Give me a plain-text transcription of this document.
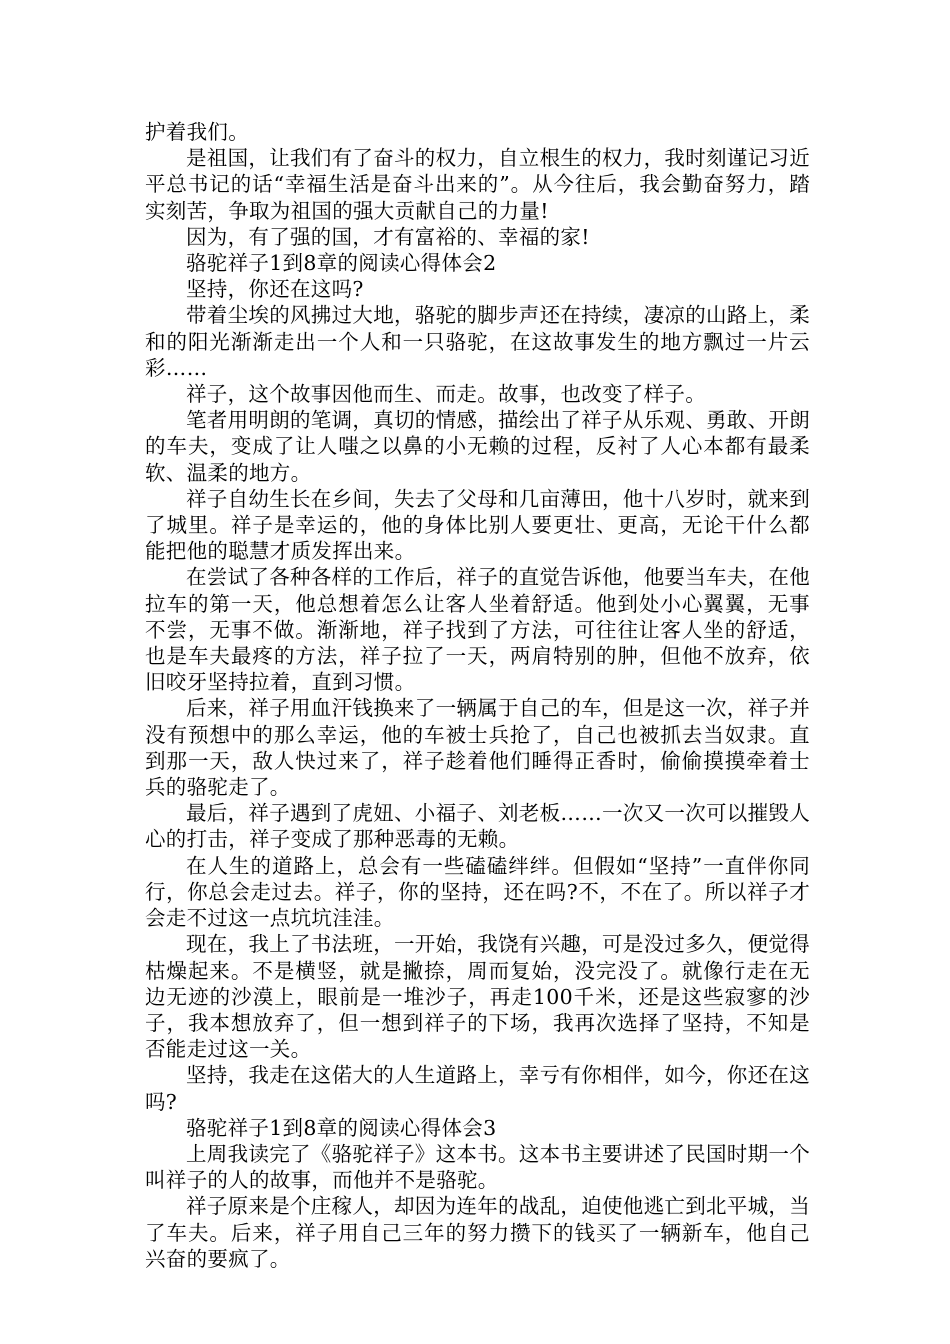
护着我们。

是祖国，让我们有了奋斗的权力，自立根生的权力，我时刻谨记习近平总书记的话“幸福生活是奋斗出来的”。从今往后，我会勤奋努力，踏实刻苦，争取为祖国的强大贡献自己的力量!

因为，有了强的国，才有富裕的、幸福的家!

骆驼祥子1到8章的阅读心得体会2

坚持，你还在这吗?

带着尘埃的风拂过大地，骆驼的脚步声还在持续，凄凉的山路上，柔和的阳光渐渐走出一个人和一只骆驼，在这故事发生的地方飘过一片云彩……

祥子，这个故事因他而生、而走。故事，也改变了样子。

笔者用明朗的笔调，真切的情感，描绘出了祥子从乐观、勇敢、开朗的车夫，变成了让人嗤之以鼻的小无赖的过程，反衬了人心本都有最柔软、温柔的地方。

祥子自幼生长在乡间，失去了父母和几亩薄田，他十八岁时，就来到了城里。祥子是幸运的，他的身体比别人要更壮、更高，无论干什么都能把他的聪慧才质发挥出来。

在尝试了各种各样的工作后，祥子的直觉告诉他，他要当车夫，在他拉车的第一天，他总想着怎么让客人坐着舒适。他到处小心翼翼，无事不尝，无事不做。渐渐地，祥子找到了方法，可往往让客人坐的舒适，也是车夫最疼的方法，祥子拉了一天，两肩特别的肿，但他不放弃，依旧咬牙坚持拉着，直到习惯。

后来，祥子用血汗钱换来了一辆属于自己的车，但是这一次，祥子并没有预想中的那么幸运，他的车被士兵抢了，自己也被抓去当奴隶。直到那一天，敌人快过来了，祥子趁着他们睡得正香时，偷偷摸摸牵着士兵的骆驼走了。

最后，祥子遇到了虎妞、小福子、刘老板……一次又一次可以摧毁人心的打击，祥子变成了那种恶毒的无赖。

在人生的道路上，总会有一些磕磕绊绊。但假如“坚持”一直伴你同行，你总会走过去。祥子，你的坚持，还在吗?不，不在了。所以祥子才会走不过这一点坑坑洼洼。

现在，我上了书法班，一开始，我饶有兴趣，可是没过多久，便觉得枯燥起来。不是横竖，就是撇捺，周而复始，没完没了。就像行走在无边无迹的沙漠上，眼前是一堆沙子，再走100千米，还是这些寂寥的沙子，我本想放弃了，但一想到祥子的下场，我再次选择了坚持，不知是否能走过这一关。

坚持，我走在这偌大的人生道路上，幸亏有你相伴，如今，你还在这吗?

骆驼祥子1到8章的阅读心得体会3

上周我读完了《骆驼祥子》这本书。这本书主要讲述了民国时期一个叫祥子的人的故事，而他并不是骆驼。

祥子原来是个庄稼人，却因为连年的战乱，迫使他逃亡到北平城，当了车夫。后来，祥子用自己三年的努力攒下的钱买了一辆新车，他自己兴奋的要疯了。
